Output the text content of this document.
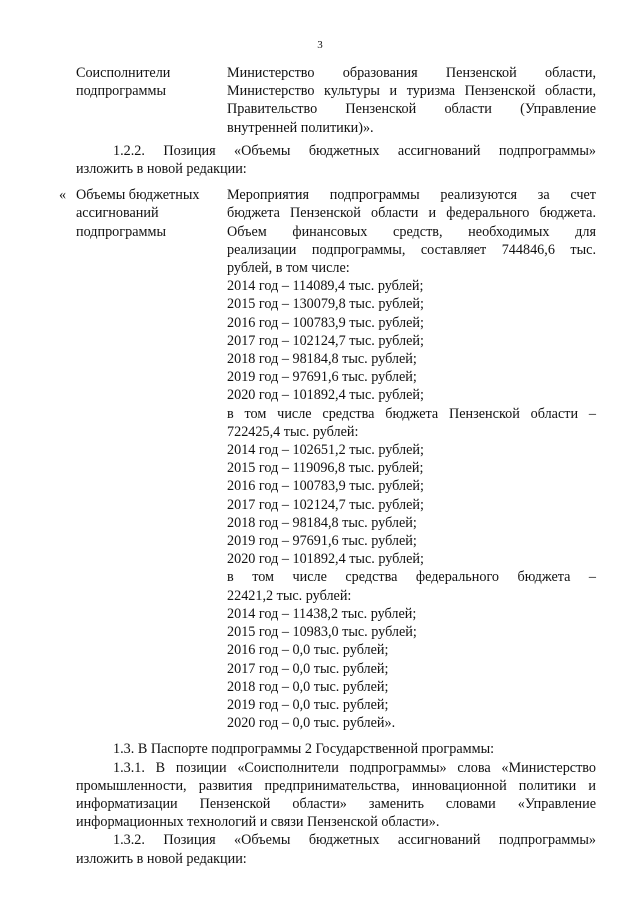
3
Соисполнители
подпрограммы
Министерство образования Пензенской области,
Министерство культуры и туризма Пензенской области,
Правительство Пензенской области (Управление
внутренней политики)».
1.2.2. Позиция «Объемы бюджетных ассигнований подпрограммы»
изложить в новой редакции:
« Объемы бюджетных
ассигнований
подпрограммы
Мероприятия подпрограммы реализуются за счет
бюджета Пензенской области и федерального бюджета.
Объем финансовых средств, необходимых для
реализации подпрограммы, составляет 744846,6 тыс.
рублей, в том числе:
2014 год – 114089,4 тыс. рублей;
2015 год – 130079,8 тыс. рублей;
2016 год – 100783,9 тыс. рублей;
2017 год – 102124,7 тыс. рублей;
2018 год – 98184,8 тыс. рублей;
2019 год – 97691,6 тыс. рублей;
2020 год – 101892,4 тыс. рублей;
в том числе средства бюджета Пензенской области –
722425,4 тыс. рублей:
2014 год – 102651,2 тыс. рублей;
2015 год – 119096,8 тыс. рублей;
2016 год – 100783,9 тыс. рублей;
2017 год – 102124,7 тыс. рублей;
2018 год – 98184,8 тыс. рублей;
2019 год – 97691,6 тыс. рублей;
2020 год – 101892,4 тыс. рублей;
в том числе средства федерального бюджета –
22421,2 тыс. рублей:
2014 год – 11438,2 тыс. рублей;
2015 год – 10983,0 тыс. рублей;
2016 год – 0,0 тыс. рублей;
2017 год – 0,0 тыс. рублей;
2018 год – 0,0 тыс. рублей;
2019 год – 0,0 тыс. рублей;
2020 год – 0,0 тыс. рублей».
1.3. В Паспорте подпрограммы 2 Государственной программы:
1.3.1. В позиции «Соисполнители подпрограммы» слова «Министерство
промышленности, развития предпринимательства, инновационной политики и
информатизации Пензенской области» заменить словами «Управление
информационных технологий и связи Пензенской области».
1.3.2. Позиция «Объемы бюджетных ассигнований подпрограммы»
изложить в новой редакции:
